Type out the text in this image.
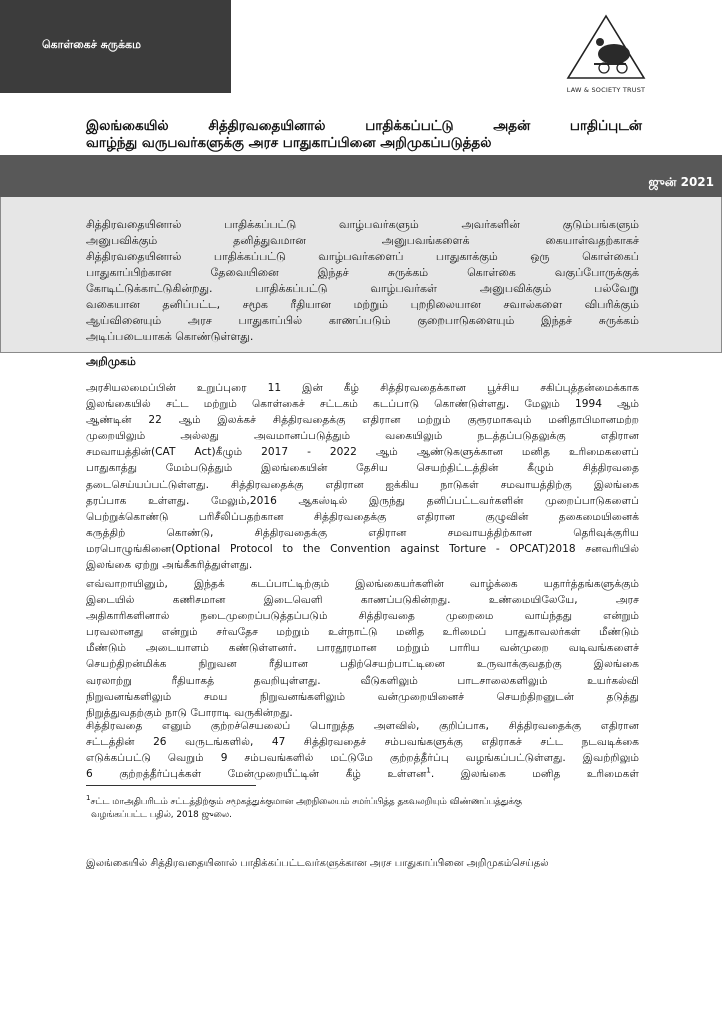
கொள்கைச் சுருக்கம
LAW & SOCIETY TRUST
இலங்கையில் சித்திரவதையினால் பாதிக்கப்பட்டு அதன் பாதிப்புடன்
வாழ்ந்து வருபவர்களுக்கு அரச பாதுகாப்பினை அறிமுகப்படுத்தல்
ஜுன் 2021
சித்திரவதையினால் பாதிக்கப்பட்டு வாழ்பவர்களும் அவர்களின் குடும்பங்களும்
அனுபவிக்கும் தனித்துவமான அனுபவங்களைக் கையாள்வதற்காகச்
சித்திரவதையினால் பாதிக்கப்பட்டு வாழ்பவர்களைப் பாதுகாக்கும் ஒரு கொள்கைப்
பாதுகாப்பிற்கான தேவையினை இந்தச் சுருக்கம் கொள்கை வகுப்போருக்குக்
கோடிட்டுக்காட்டுகின்றது. பாதிக்கப்பட்டு வாழ்பவர்கள் அனுபவிக்கும் பல்வேறு
வகையான தனிப்பட்ட, சமூக ரீதியான மற்றும் புறநிலையான சவால்களை விபரிக்கும்
ஆய்வினையும் அரச பாதுகாப்பில் காணப்படும் குறைபாடுகளையும் இந்தச் சுருக்கம்
அடிப்படையாகக் கொண்டுள்ளது.
அறிமுகம்
அரசியலமைப்பின் உறுப்புரை 11 இன் கீழ் சித்திரவதைக்கான பூச்சிய சகிப்புத்தன்மைக்காக
இலங்கையில் சட்ட மற்றும் கொள்கைச் சட்டகம் கடப்பாடு கொண்டுள்ளது. மேலும் 1994 ஆம்
ஆண்டின் 22 ஆம் இலக்கச் சித்திரவதைக்கு எதிரான மற்றும் குரூரமாகவும் மனிதாபிமானமற்ற
முறையிலும் அல்லது அவமானப்படுத்தும் வகையிலும் நடத்தப்படுதலுக்கு எதிரான
சமவாயத்தின்(CAT Act)கீழும் 2017 - 2022 ஆம் ஆண்டுகளுக்கான மனித உரிமைகளைப்
பாதுகாத்து மேம்படுத்தும் இலங்கையின் தேசிய செயற்திட்டத்தின் கீழும் சித்திரவதை
தடைசெய்யப்பட்டுள்ளது. சித்திரவதைக்கு எதிரான ஐக்கிய நாடுகள் சமவாயத்திற்கு இலங்கை
தரப்பாக உள்ளது. மேலும்,2016 ஆகஸ்டில் இருந்து தனிப்பட்டவர்களின் முறைப்பாடுகளைப்
பெற்றுக்கொண்டு பரிசீலிப்பதற்கான சித்திரவதைக்கு எதிரான குழுவின் தகைமையினைக்
கருத்திற் கொண்டு, சித்திரவதைக்கு எதிரான சமவாயத்திற்கான தெரிவுக்குரிய
மரபொழுங்கினை(Optional Protocol to the Convention against Torture - OPCAT)2018 சனவரியில்
இலங்கை ஏற்று அங்கீகரித்துள்ளது.
எவ்வாறாயினும், இந்தக் கடப்பாட்டிற்கும் இலங்கையர்களின் வாழ்க்கை யதார்த்தங்களுக்கும்
இடையில் கணிசமான இடைவெளி காணப்படுகின்றது. உண்மையிலேயே, அரச
அதிகாரிகளினால் நடைமுறைப்படுத்தப்படும் சித்திரவதை முறைமை வாய்ந்தது என்றும்
பரவலானது என்றும் சர்வதேச மற்றும் உள்நாட்டு மனித உரிமைப் பாதுகாவலர்கள் மீண்டும்
மீண்டும் அடையாளம் கண்டுள்ளனர். பாரதூரமான மற்றும் பாரிய வன்முறை வடிவங்களைச்
செயற்திறன்மிக்க நிறுவன ரீதியான பதிற்செயற்பாட்டினை உருவாக்குவதற்கு இலங்கை
வரலாற்று ரீதியாகத் தவறியுள்ளது. வீடுகளிலும் பாடசாலைகளிலும் உயர்கல்வி
நிறுவனங்களிலும் சமய நிறுவனங்களிலும் வன்முறையினைச் செயற்திறனுடன் தடுத்து
நிறுத்துவதற்கும் நாடு போராடி வருகின்றது.
சித்திரவதை எனும் குற்றச்செயலைப் பொறுத்த அளவில், குறிப்பாக, சித்திரவதைக்கு எதிரான
சட்டத்தின் 26 வருடங்களில், 47 சித்திரவதைச் சம்பவங்களுக்கு எதிராகச் சட்ட நடவடிக்கை
எடுக்கப்பட்டு வெறும் 9 சம்பவங்களில் மட்டுமே குற்றத்தீர்ப்பு வழங்கப்பட்டுள்ளது. இவற்றிலும்
6 குற்றத்தீர்ப்புக்கள் மேன்முறையீட்டின் கீழ் உள்ளன$^1$. இலங்கை மனித உரிமைகள்
$^1$சட்ட மாஅதிபரிடம் சட்டத்திற்கும் சமூகத்துக்குமான அறநிலையம் சமர்ப்பித்த தகவலறியும் விண்ணப்பத்துக்கு
வழங்கப்பட்ட பதில், 2018 ஜுலை.
இலங்கையில் சித்திரவதையினால் பாதிக்கப்பட்டவர்களுக்கான அரச பாதுகாப்பினை அறிமுகம்செய்தல்
